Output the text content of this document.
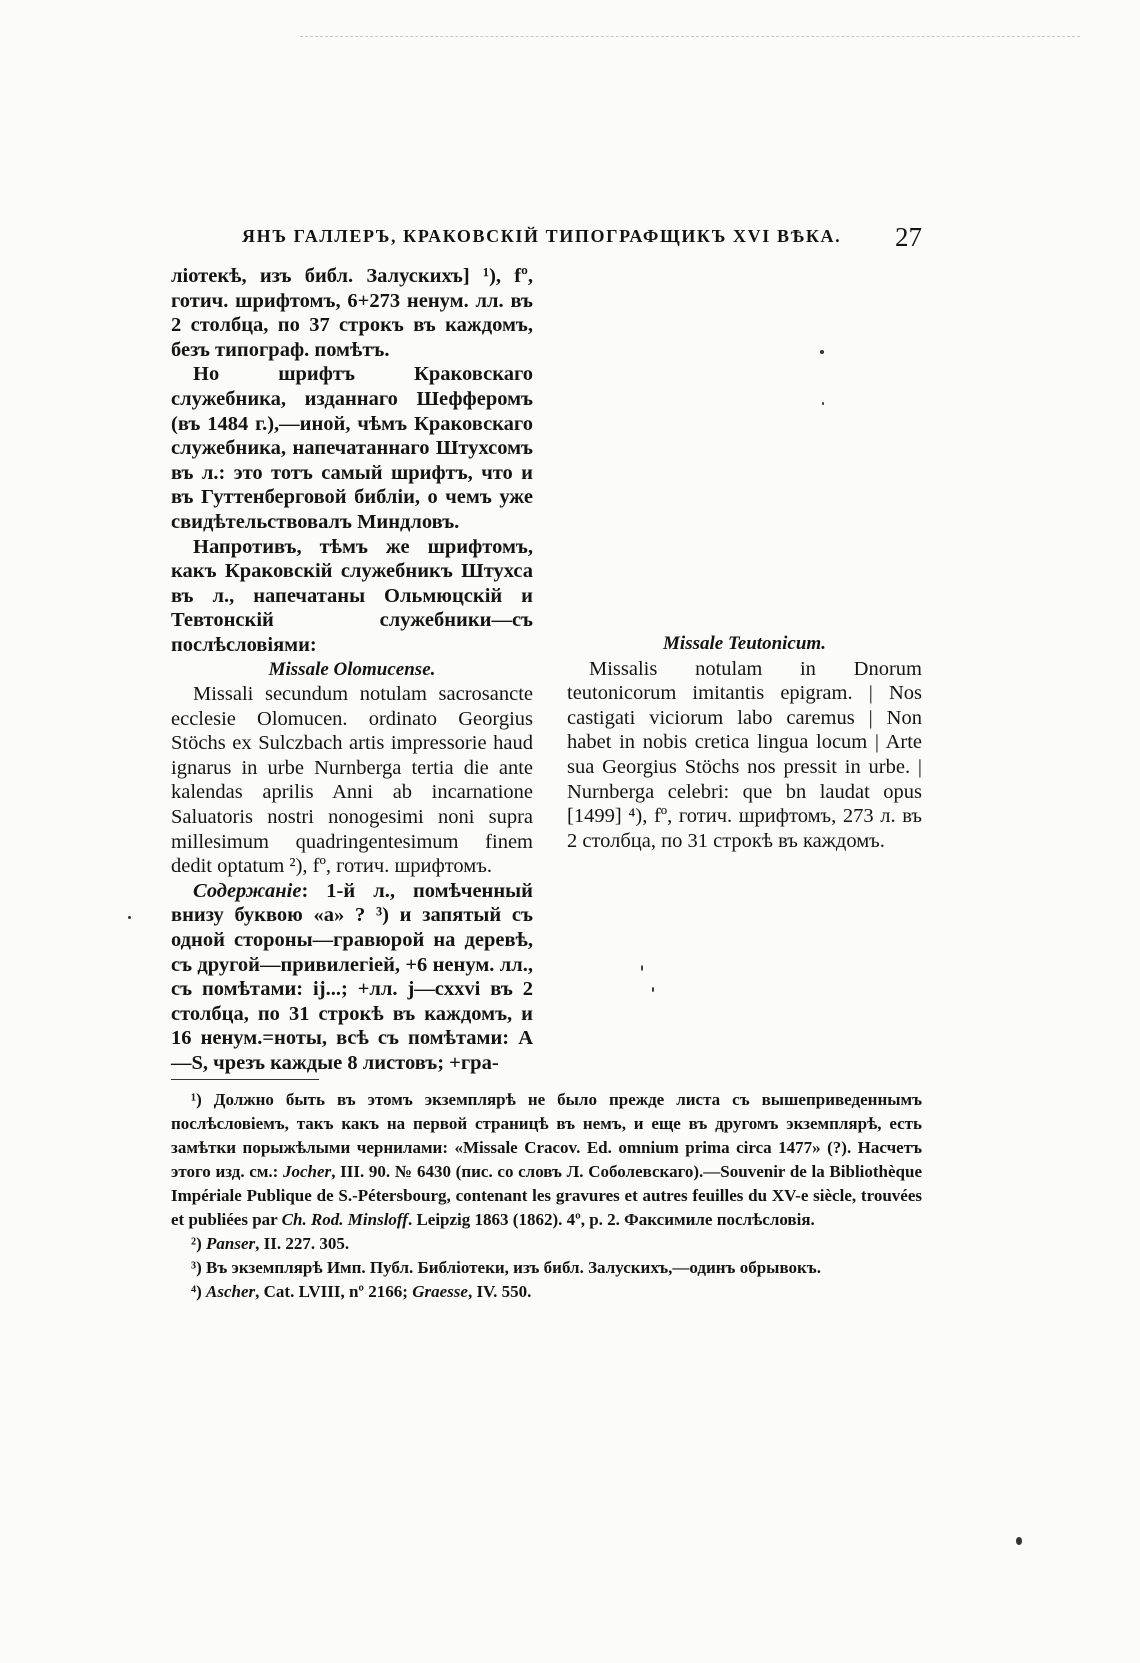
ЯНЪ ГАЛЛЕРЪ, КРАКОВСКІЙ ТИПОГРАФЩИКЪ XVI ВѢКА. 27

ліотекѣ, изъ библ. Залускихъ] ¹), fº, готич. шрифтомъ, 6+273 ненум. лл. въ 2 столбца, по 37 строкъ въ каждомъ, безъ типограф. помѣтъ.

Но шрифтъ Краковскаго служебника, изданнаго Шефферомъ (въ 1484 г.),—иной, чѣмъ Краковскаго служебника, напечатаннаго Штухсомъ въ л.: это тотъ самый шрифтъ, что и въ Гуттенберговой библіи, о чемъ уже свидѣтельствовалъ Миндловъ.

Напротивъ, тѣмъ же шрифтомъ, какъ Краковскій служебникъ Штухса въ л., напечатаны Ольмюцскій и Тевтонскій служебники—съ послѣсловіями:

Missale Olomucense.

Missali secundum notulam sacrosancte ecclesie Olomucen. ordinato Georgius Stöchs ex Sulczbach artis impressorie haud ignarus in urbe Nurnberga tertia die ante kalendas aprilis Anni ab incarnatione Saluatoris nostri nonogesimi noni supra millesimum quadringentesimum finem dedit optatum ²), fº, готич. шрифтомъ.

Содержаніе: 1-й л., помѣченный внизу буквою «a» ? ³) и запятый съ одной стороны—гравюрой на деревѣ, съ другой—привилегіей, +6 ненум. лл., съ помѣтами: ij...; +лл. j—cxxvi въ 2 столбца, по 31 строкѣ въ каждомъ, и 16 ненум.=ноты, всѣ съ помѣтами: A—S, чрезъ каждые 8 листовъ; +гра-

Missale Teutonicum.

Missalis notulam in Dnorum teutonicorum imitantis epigram. | Nos castigati viciorum labo caremus | Non habet in nobis cretica lingua locum | Arte sua Georgius Stöchs nos pressit in urbe. | Nurnberga celebri: que bn laudat opus [1499] ⁴), fº, готич. шрифтомъ, 273 л. въ 2 столбца, по 31 строкѣ въ каждомъ.

¹) Должно быть въ этомъ экземплярѣ не было прежде листа съ вышеприведеннымъ послѣсловіемъ, такъ какъ на первой страницѣ въ немъ, и еще въ другомъ экземплярѣ, есть замѣтки порыжѣлыми чернилами: «Missale Cracov. Ed. omnium prima circa 1477» (?). Насчетъ этого изд. см.: Jocher, III. 90. № 6430 (пис. со словъ Л. Соболевскаго).—Souvenir de la Bibliothèque Impériale Publique de S.-Pétersbourg, contenant les gravures et autres feuilles du XV-e siècle, trouvées et publiées par Ch. Rod. Minsloff. Leipzig 1863 (1862). 4º, p. 2. Факсимиле послѣсловія.

²) Panser, II. 227. 305.

³) Въ экземплярѣ Имп. Публ. Библіотеки, изъ библ. Залускихъ,—одинъ обрывокъ.

⁴) Ascher, Cat. LVIII, nº 2166; Graesse, IV. 550.
